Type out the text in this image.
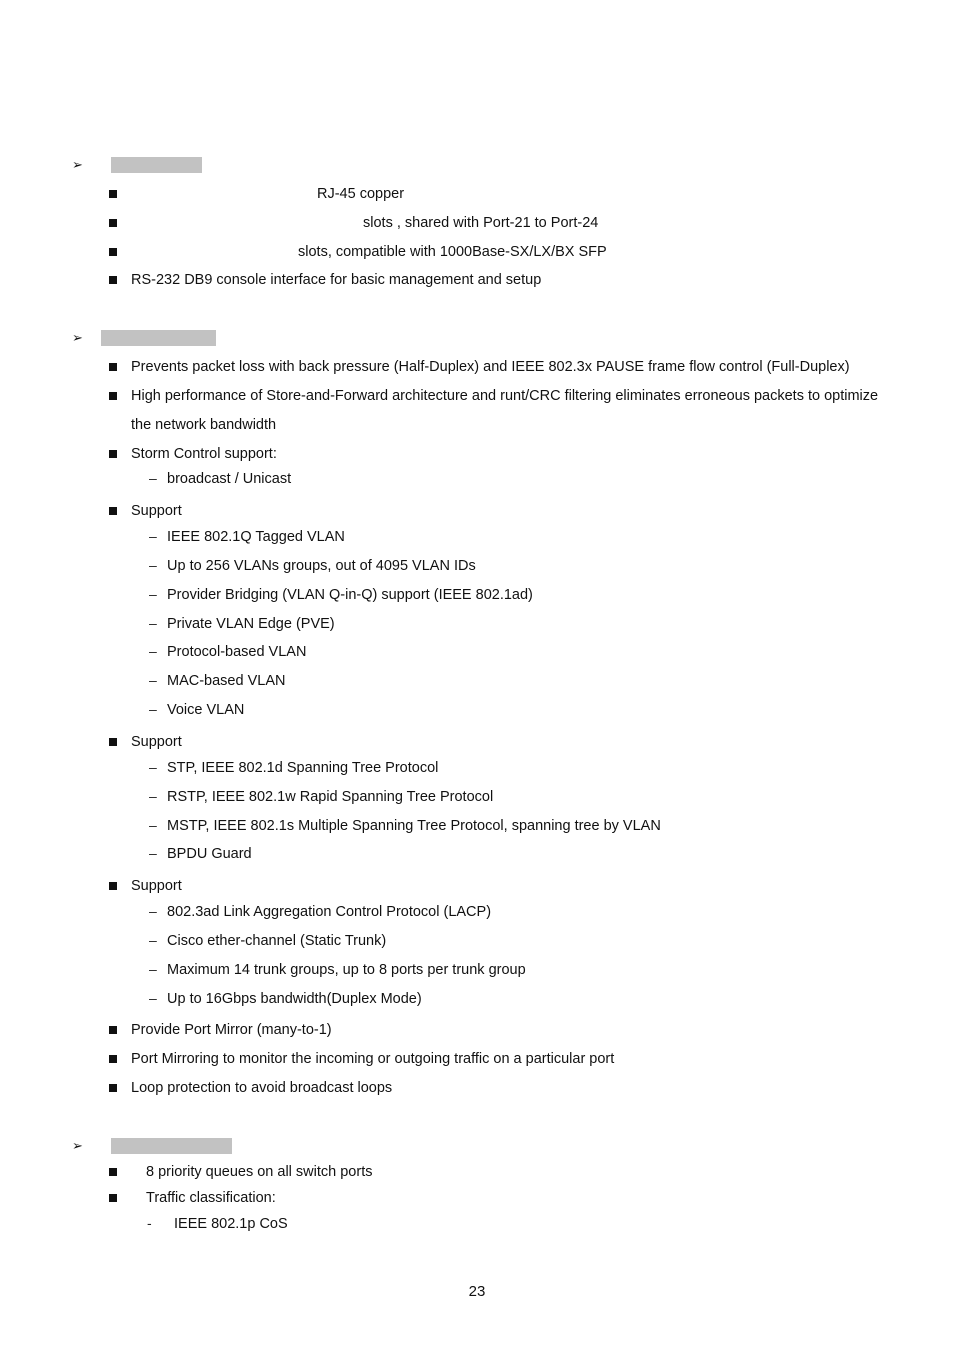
➢
RJ-45 copper
slots , shared with Port-21 to Port-24
slots, compatible with 1000Base-SX/LX/BX SFP
RS-232 DB9 console interface for basic management and setup
➢
Prevents packet loss with back pressure (Half-Duplex) and IEEE 802.3x PAUSE frame flow control (Full-Duplex)
High performance of Store-and-Forward architecture and runt/CRC filtering eliminates erroneous packets to optimize
the network bandwidth
Storm Control support:
– broadcast / Unicast
Support
– IEEE 802.1Q Tagged VLAN
– Up to 256 VLANs groups, out of 4095 VLAN IDs
– Provider Bridging (VLAN Q-in-Q) support (IEEE 802.1ad)
– Private VLAN Edge (PVE)
– Protocol-based VLAN
– MAC-based VLAN
– Voice VLAN
Support
– STP, IEEE 802.1d Spanning Tree Protocol
– RSTP, IEEE 802.1w Rapid Spanning Tree Protocol
– MSTP, IEEE 802.1s Multiple Spanning Tree Protocol, spanning tree by VLAN
– BPDU Guard
Support
– 802.3ad Link Aggregation Control Protocol (LACP)
– Cisco ether-channel (Static Trunk)
– Maximum 14 trunk groups, up to 8 ports per trunk group
– Up to 16Gbps bandwidth(Duplex Mode)
Provide Port Mirror (many-to-1)
Port Mirroring to monitor the incoming or outgoing traffic on a particular port
Loop protection to avoid broadcast loops
➢
8 priority queues on all switch ports
Traffic classification:
- IEEE 802.1p CoS
23
